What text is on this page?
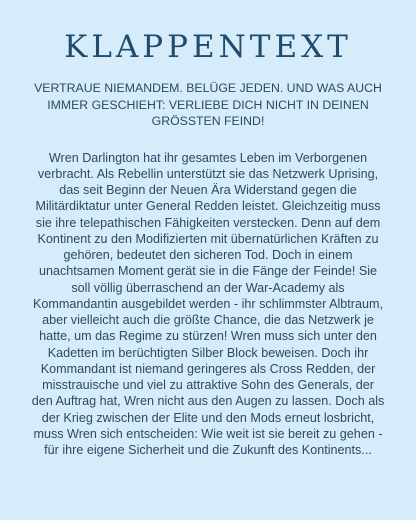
KLAPPENTEXT

VERTRAUE NIEMANDEM. BELÜGE JEDEN. UND WAS AUCH IMMER GESCHIEHT: VERLIEBE DICH NICHT IN DEINEN GRÖSSTEN FEIND!

Wren Darlington hat ihr gesamtes Leben im Verborgenen verbracht. Als Rebellin unterstützt sie das Netzwerk Uprising, das seit Beginn der Neuen Ära Widerstand gegen die Militärdiktatur unter General Redden leistet. Gleichzeitig muss sie ihre telepathischen Fähigkeiten verstecken. Denn auf dem Kontinent zu den Modifizierten mit übernatürlichen Kräften zu gehören, bedeutet den sicheren Tod. Doch in einem unachtsamen Moment gerät sie in die Fänge der Feinde! Sie soll völlig überraschend an der War-Academy als Kommandantin ausgebildet werden - ihr schlimmster Albtraum, aber vielleicht auch die größte Chance, die das Netzwerk je hatte, um das Regime zu stürzen! Wren muss sich unter den Kadetten im berüchtigten Silber Block beweisen. Doch ihr Kommandant ist niemand geringeres als Cross Redden, der misstrauische und viel zu attraktive Sohn des Generals, der den Auftrag hat, Wren nicht aus den Augen zu lassen. Doch als der Krieg zwischen der Elite und den Mods erneut losbricht, muss Wren sich entscheiden: Wie weit ist sie bereit zu gehen - für ihre eigene Sicherheit und die Zukunft des Kontinents...
